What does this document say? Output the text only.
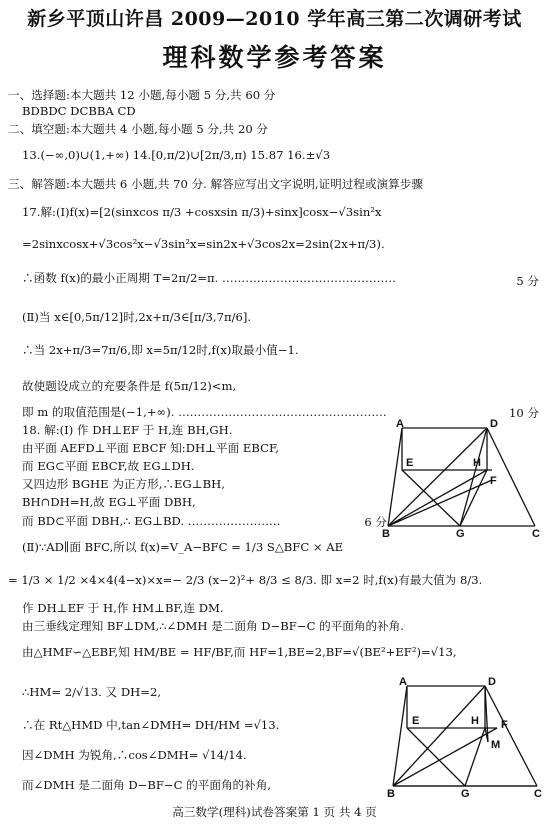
新乡平顶山许昌 2009—2010 学年高三第二次调研考试
理科数学参考答案
一、选择题:本大题共 12 小题,每小题 5 分,共 60 分
BDBDC DCBBA CD
二、填空题:本大题共 4 小题,每小题 5 分,共 20 分
13.(−∞,0)∪(1,+∞) 14.[0,π/2)∪[2π/3,π) 15.87 16.±√3
三、解答题:本大题共 6 小题,共 70 分. 解答应写出文字说明,证明过程或演算步骤
17.解:(Ⅰ)f(x)=[2(sinxcos π/3 +cosxsin π/3)+sinx]cosx−√3sin²x
=2sinxcosx+√3cos²x−√3sin²x=sin2x+√3cos2x=2sin(2x+π/3).
∴函数 f(x)的最小正周期 T=2π/2=π. ………………………………………	5 分
(Ⅱ)当 x∈[0,5π/12]时,2x+π/3∈[π/3,7π/6].
∴当 2x+π/3=7π/6,即 x=5π/12时,f(x)取最小值−1.
故使题设成立的充要条件是 f(5π/12)<m,
即 m 的取值范围是(−1,+∞). ………………………………………………	10 分
18. 解:(Ⅰ) 作 DH⊥EF 于 H,连 BH,GH.
由平面 AEFD⊥平面 EBCF 知:DH⊥平面 EBCF,
而 EG⊂平面 EBCF,故 EG⊥DH.
又四边形 BGHE 为正方形,∴EG⊥BH,
BH∩DH=H,故 EG⊥平面 DBH,
而 BD⊂平面 DBH,∴ EG⊥BD. ……………………	6 分
A	D
E	H
F
B	G	C
(Ⅱ)∵AD∥面 BFC,所以 f(x)=V_A−BFC = 1/3 S△BFC × AE
= 1/3 × 1/2 ×4×4(4−x)×x=− 2/3 (x−2)²+ 8/3 ≤ 8/3. 即 x=2 时,f(x)有最大值为 8/3.
作 DH⊥EF 于 H,作 HM⊥BF,连 DM.
由三垂线定理知 BF⊥DM,∴∠DMH 是二面角 D−BF−C 的平面角的补角.
由△HMF∽△EBF,知 HM/BE = HF/BF,而 HF=1,BE=2,BF=√(BE²+EF²)=√13,
∴HM= 2/√13. 又 DH=2,
∴在 Rt△HMD 中,tan∠DMH= DH/HM =√13.
因∠DMH 为锐角,∴cos∠DMH= √14/14.
而∠DMH 是二面角 D−BF−C 的平面角的补角,
A	D
E	H F
M
B	G	C
高三数学(理科)试卷答案第 1 页 共 4 页
